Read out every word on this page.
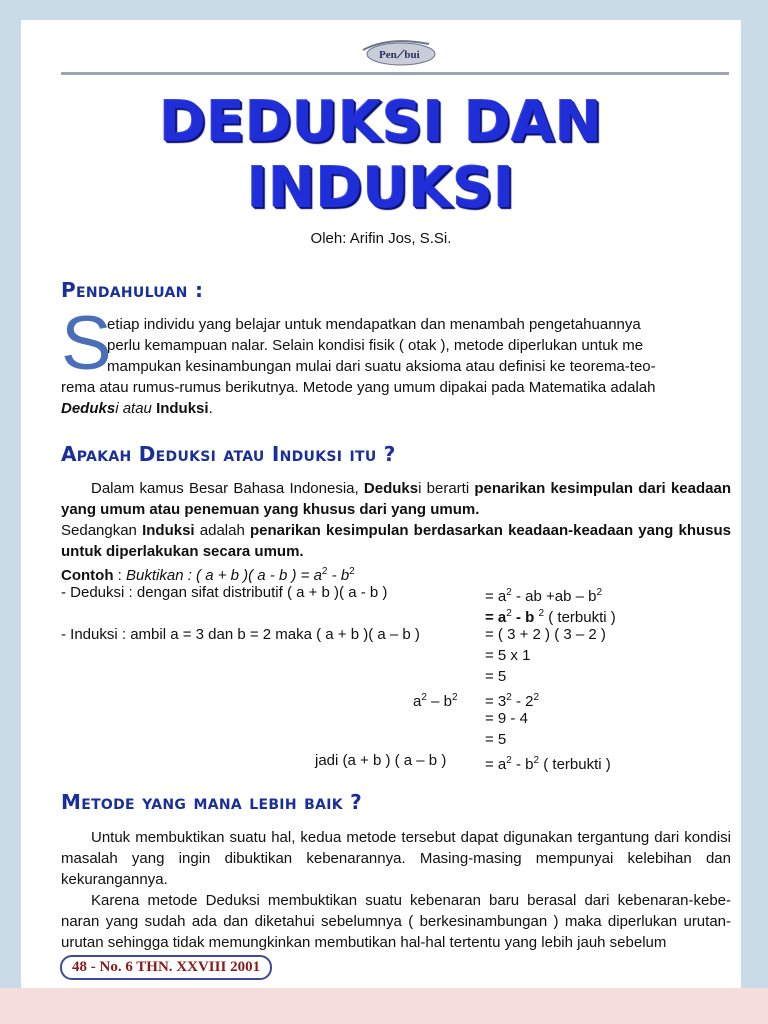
Pen⟋bui
DEDUKSI DAN
INDUKSI
Oleh: Arifin Jos, S.Si.
Pendahuluan :
S
etiap individu yang belajar untuk mendapatkan dan menambah pengetahuannya
perlu kemampuan nalar. Selain kondisi fisik ( otak ), metode diperlukan untuk me
mampukan kesinambungan mulai dari suatu aksioma atau definisi ke teorema-teo-
rema atau rumus-rumus berikutnya. Metode yang umum dipakai pada Matematika adalah
Deduksi atau Induksi.
Apakah Deduksi atau Induksi itu ?
Dalam kamus Besar Bahasa Indonesia, Deduksi berarti penarikan kesimpulan dari keadaan yang umum atau penemuan yang khusus dari yang umum.
Sedangkan Induksi adalah penarikan kesimpulan berdasarkan keadaan-keadaan yang khusus untuk diperlakukan secara umum.
Contoh : Buktikan : ( a + b )( a - b ) = $a^2 - b^2$
- Deduksi : dengan sifat distributif ( a + b )( a - b )	= $a^2$ - ab $+ab - b^2$
= $a^2$ - b $^2$ ( terbukti )
- Induksi : ambil a = 3 dan b = 2 maka ( a + b )( a – b )	= ( 3 + 2 ) ( 3 – 2 )
= 5 x 1
= 5
$a^2 - b^2 = 3^2 - 2^2$
= 9 - 4
= 5
jadi (a + b ) ( a – b )	= $a^2 - b^2$ ( terbukti )
Metode yang mana lebih baik ?
Untuk membuktikan suatu hal, kedua metode tersebut dapat digunakan tergantung dari kondisi masalah yang ingin dibuktikan kebenarannya. Masing-masing mempunyai kelebihan dan kekurangannya.
Karena metode Deduksi membuktikan suatu kebenaran baru berasal dari kebenaran-kebe-naran yang sudah ada dan diketahui sebelumnya ( berkesinambungan ) maka diperlukan urutan-urutan sehingga tidak memungkinkan membutikan hal-hal tertentu yang lebih jauh sebelum
48 - No. 6 THN. XXVIII 2001
